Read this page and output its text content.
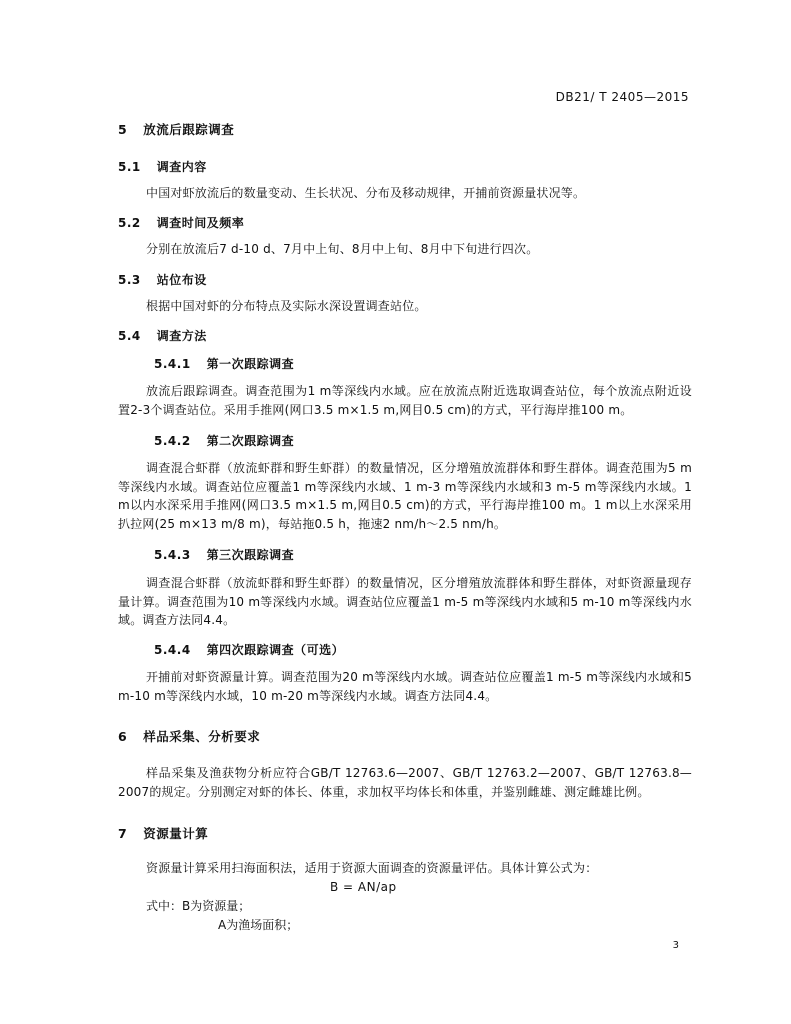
DB21/ T 2405—2015
5 放流后跟踪调查
5.1 调查内容
中国对虾放流后的数量变动、生长状况、分布及移动规律，开捕前资源量状况等。
5.2 调查时间及频率
分别在放流后7 d-10 d、7月中上旬、8月中上旬、8月中下旬进行四次。
5.3 站位布设
根据中国对虾的分布特点及实际水深设置调查站位。
5.4 调查方法
5.4.1 第一次跟踪调查
放流后跟踪调查。调查范围为1 m等深线内水域。应在放流点附近选取调查站位，每个放流点附近设置2-3个调查站位。采用手推网(网口3.5 m×1.5 m,网目0.5 cm)的方式，平行海岸推100 m。
5.4.2 第二次跟踪调查
调查混合虾群（放流虾群和野生虾群）的数量情况，区分增殖放流群体和野生群体。调查范围为5 m等深线内水域。调查站位应覆盖1 m等深线内水域、1 m-3 m等深线内水域和3 m-5 m等深线内水域。1 m以内水深采用手推网(网口3.5 m×1.5 m,网目0.5 cm)的方式，平行海岸推100 m。1 m以上水深采用扒拉网(25 m×13 m/8 m)，每站拖0.5 h，拖速2 nm/h～2.5 nm/h。
5.4.3 第三次跟踪调查
调查混合虾群（放流虾群和野生虾群）的数量情况，区分增殖放流群体和野生群体，对虾资源量现存量计算。调查范围为10 m等深线内水域。调查站位应覆盖1 m-5 m等深线内水域和5 m-10 m等深线内水域。调查方法同4.4。
5.4.4 第四次跟踪调查（可选）
开捕前对虾资源量计算。调查范围为20 m等深线内水域。调查站位应覆盖1 m-5 m等深线内水域和5 m-10 m等深线内水域，10 m-20 m等深线内水域。调查方法同4.4。
6 样品采集、分析要求
样品采集及渔获物分析应符合GB/T 12763.6—2007、GB/T 12763.2—2007、GB/T 12763.8—2007的规定。分别测定对虾的体长、体重，求加权平均体长和体重，并鉴别雌雄、测定雌雄比例。
7 资源量计算
资源量计算采用扫海面积法，适用于资源大面调查的资源量评估。具体计算公式为：
B = AN/ap
式中：B为资源量；
A为渔场面积；
3
